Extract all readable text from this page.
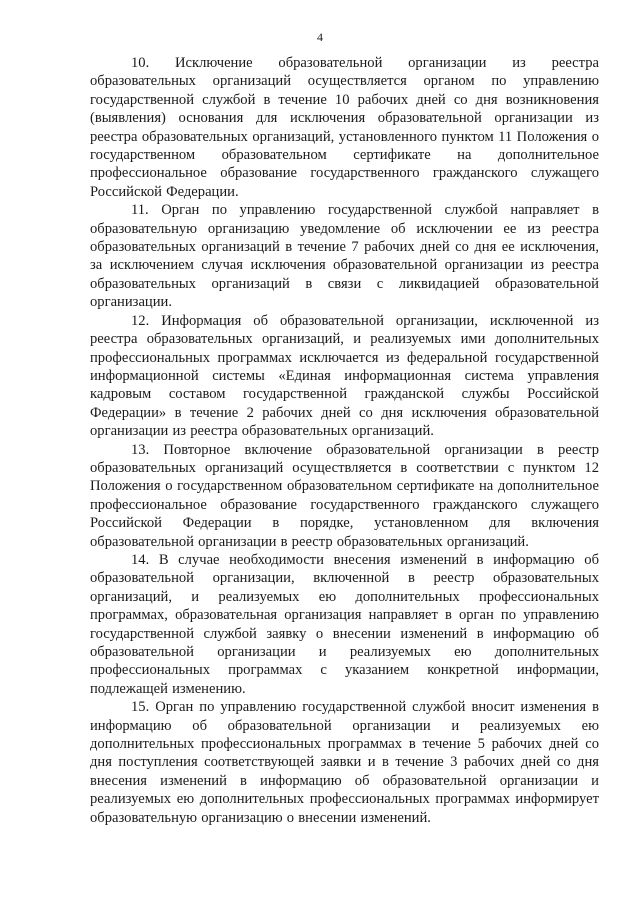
4

10. Исключение образовательной организации из реестра образовательных организаций осуществляется органом по управлению государственной службой в течение 10 рабочих дней со дня возникновения (выявления) основания для исключения образовательной организации из реестра образовательных организаций, установленного пунктом 11 Положения о государственном образовательном сертификате на дополнительное профессиональное образование государственного гражданского служащего Российской Федерации.

11. Орган по управлению государственной службой направляет в образовательную организацию уведомление об исключении ее из реестра образовательных организаций в течение 7 рабочих дней со дня ее исключения, за исключением случая исключения образовательной организации из реестра образовательных организаций в связи с ликвидацией образовательной организации.

12. Информация об образовательной организации, исключенной из реестра образовательных организаций, и реализуемых ими дополнительных профессиональных программах исключается из федеральной государственной информационной системы «Единая информационная система управления кадровым составом государственной гражданской службы Российской Федерации» в течение 2 рабочих дней со дня исключения образовательной организации из реестра образовательных организаций.

13. Повторное включение образовательной организации в реестр образовательных организаций осуществляется в соответствии с пунктом 12 Положения о государственном образовательном сертификате на дополнительное профессиональное образование государственного гражданского служащего Российской Федерации в порядке, установленном для включения образовательной организации в реестр образовательных организаций.

14. В случае необходимости внесения изменений в информацию об образовательной организации, включенной в реестр образовательных организаций, и реализуемых ею дополнительных профессиональных программах, образовательная организация направляет в орган по управлению государственной службой заявку о внесении изменений в информацию об образовательной организации и реализуемых ею дополнительных профессиональных программах с указанием конкретной информации, подлежащей изменению.

15. Орган по управлению государственной службой вносит изменения в информацию об образовательной организации и реализуемых ею дополнительных профессиональных программах в течение 5 рабочих дней со дня поступления соответствующей заявки и в течение 3 рабочих дней со дня внесения изменений в информацию об образовательной организации и реализуемых ею дополнительных профессиональных программах информирует образовательную организацию о внесении изменений.
